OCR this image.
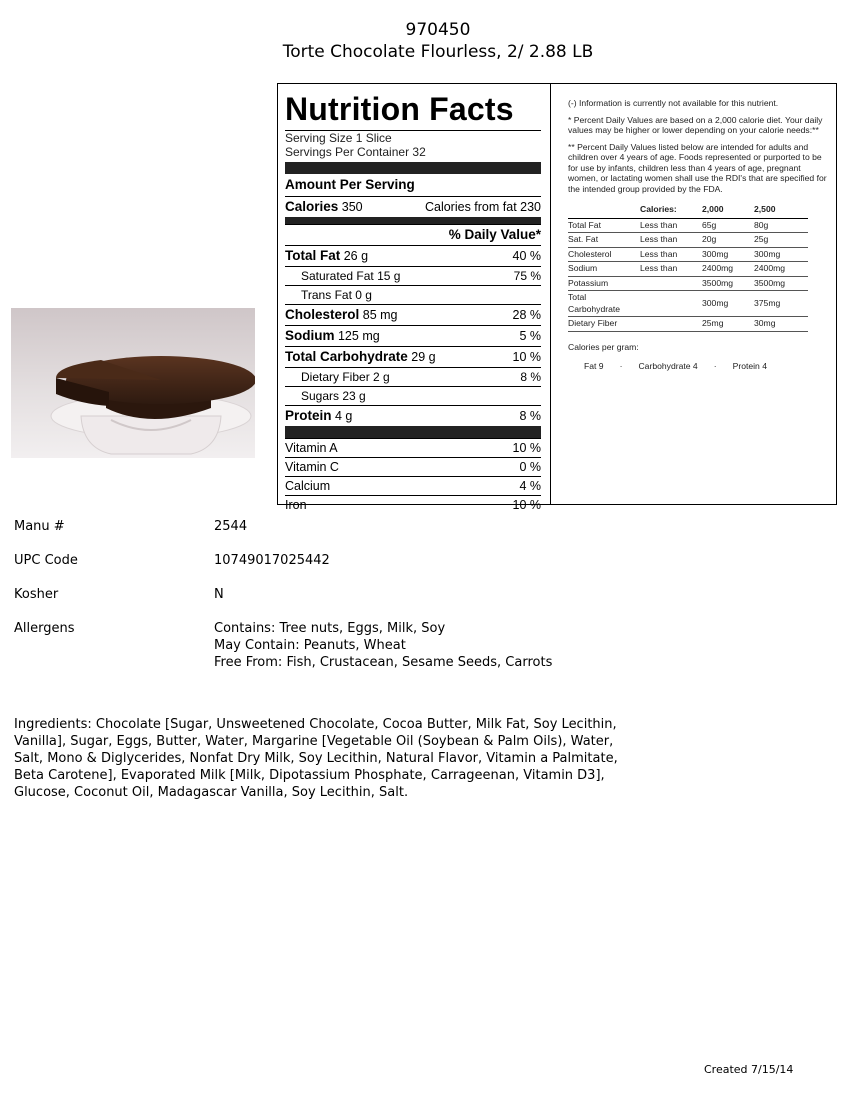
970450
Torte Chocolate Flourless, 2/ 2.88 LB
Nutrition Facts
Serving Size 1 Slice
Servings Per Container 32
Amount Per Serving
Calories 350	Calories from fat 230
% Daily Value*
Total Fat 26 g	40 %
Saturated Fat 15 g	75 %
Trans Fat 0 g
Cholesterol 85 mg	28 %
Sodium 125 mg	5 %
Total Carbohydrate 29 g	10 %
Dietary Fiber 2 g	8 %
Sugars 23 g
Protein 4 g	8 %
Vitamin A	10 %
Vitamin C	0 %
Calcium	4 %
Iron	10 %

(-) Information is currently not available for this nutrient.

* Percent Daily Values are based on a 2,000 calorie diet. Your daily values may be higher or lower depending on your calorie needs:**

** Percent Daily Values listed below are intended for adults and children over 4 years of age. Foods represented or purported to be for use by infants, children less than 4 years of age, pregnant women, or lactating women shall use the RDI's that are specified for the intended group provided by the FDA.

	Calories:	2,000	2,500
Total Fat	Less than	65g	80g
Sat. Fat	Less than	20g	25g
Cholesterol	Less than	300mg	300mg
Sodium	Less than	2400mg	2400mg
Potassium		3500mg	3500mg
Total Carbohydrate		300mg	375mg
Dietary Fiber		25mg	30mg
Calories per gram:
Fat 9 · Carbohydrate 4 · Protein 4
Manu #	2544
UPC Code	10749017025442
Kosher	N
Allergens	Contains: Tree nuts, Eggs, Milk, Soy
May Contain: Peanuts, Wheat
Free From: Fish, Crustacean, Sesame Seeds, Carrots
Ingredients: Chocolate [Sugar, Unsweetened Chocolate, Cocoa Butter, Milk Fat, Soy Lecithin, Vanilla], Sugar, Eggs, Butter, Water, Margarine [Vegetable Oil (Soybean & Palm Oils), Water, Salt, Mono & Diglycerides, Nonfat Dry Milk, Soy Lecithin, Natural Flavor, Vitamin a Palmitate, Beta Carotene], Evaporated Milk [Milk, Dipotassium Phosphate, Carrageenan, Vitamin D3], Glucose, Coconut Oil, Madagascar Vanilla, Soy Lecithin, Salt.
Created 7/15/14
